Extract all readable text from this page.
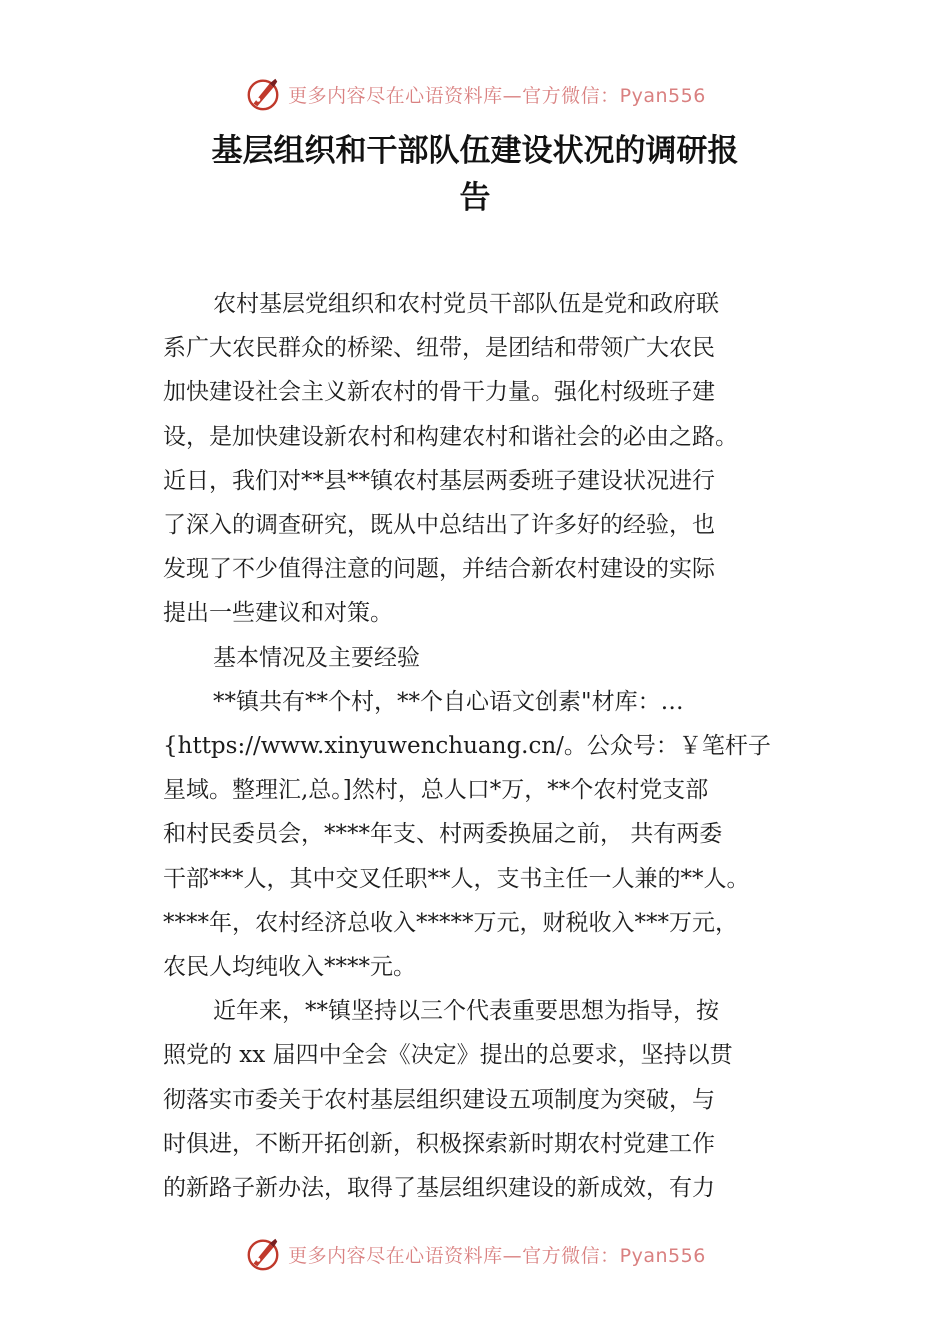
更多内容尽在心语资料库—官方微信：Pyan556
基层组织和干部队伍建设状况的调研报
告

农村基层党组织和农村党员干部队伍是党和政府联
系广大农民群众的桥梁、纽带，是团结和带领广大农民
加快建设社会主义新农村的骨干力量。强化村级班子建
设，是加快建设新农村和构建农村和谐社会的必由之路。
近日，我们对**县**镇农村基层两委班子建设状况进行
了深入的调查研究，既从中总结出了许多好的经验，也
发现了不少值得注意的问题，并结合新农村建设的实际
提出一些建议和对策。

基本情况及主要经验

**镇共有**个村，**个自心语文创素"材库：…
{https://www.xinyuwenchuang.cn/。公众号：￥笔杆子
星域。整理汇,总。]然村，总人口*万，**个农村党支部
和村民委员会，****年支、村两委换届之前， 共有两委
干部***人，其中交叉任职**人，支书主任一人兼的**人。
****年，农村经济总收入*****万元，财税收入***万元，
农民人均纯收入****元。

近年来，**镇坚持以三个代表重要思想为指导，按
照党的 xx 届四中全会《决定》提出的总要求，坚持以贯
彻落实市委关于农村基层组织建设五项制度为突破，与
时俱进，不断开拓创新，积极探索新时期农村党建工作
的新路子新办法，取得了基层组织建设的新成效，有力

更多内容尽在心语资料库—官方微信：Pyan556
